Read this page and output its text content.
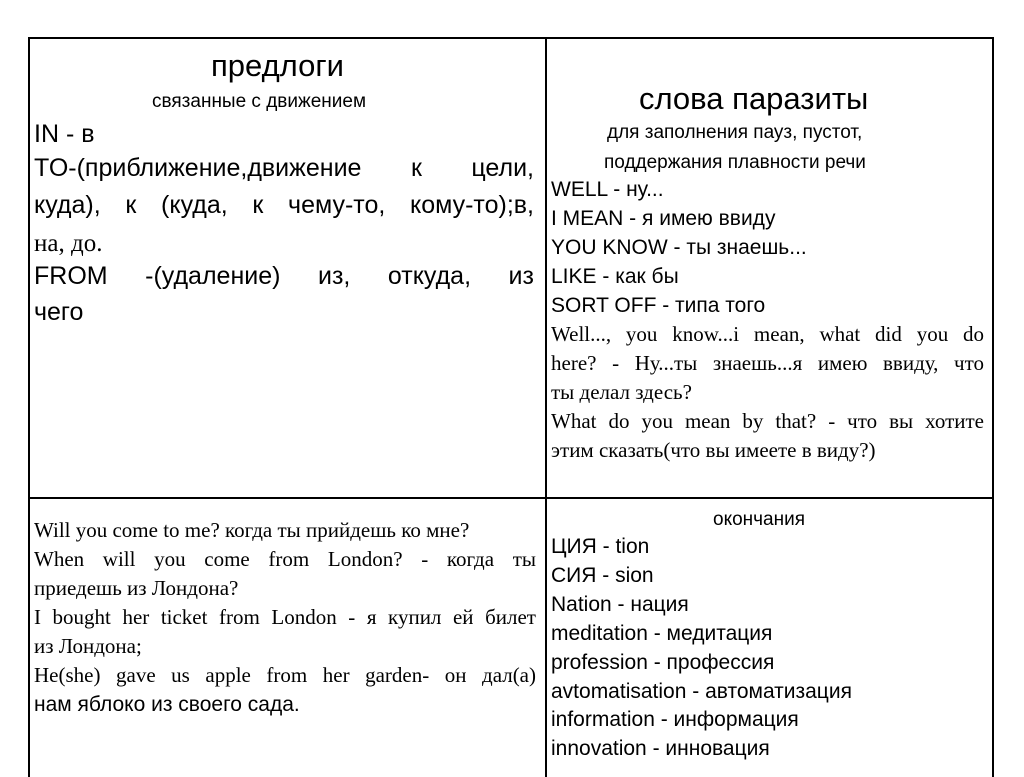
предлоги
связанные с движением
IN - в
TO-(приближение,движение к цели,
куда), к (куда, к чему-то, кому-то);в,
на, до.
FROM -(удаление) из, откуда, из
чего
слова паразиты
для заполнения пауз, пустот,
поддержания плавности речи
WELL - ну...
I MEAN - я имею ввиду
YOU KNOW - ты знаешь...
LIKE - как бы
SORT OFF - типа того
Well..., you know...i mean, what did you do
here? - Ну...ты знаешь...я имею ввиду, что
ты делал здесь?
What do you mean by that? - что вы хотите
этим сказать(что вы имеете в виду?)
Will you come to me? когда ты прийдешь ко мне?
When will you come from London? - когда ты
приедешь из Лондона?
I bought her ticket from London - я купил ей билет
из Лондона;
He(she) gave us apple from her garden- он дал(а)
нам яблоко из своего сада.
окончания
ЦИЯ - tion
СИЯ - sion
Nation - нация
meditation - медитация
profession - профессия
avtomatisation - автоматизация
information - информация
innovation - инновация
